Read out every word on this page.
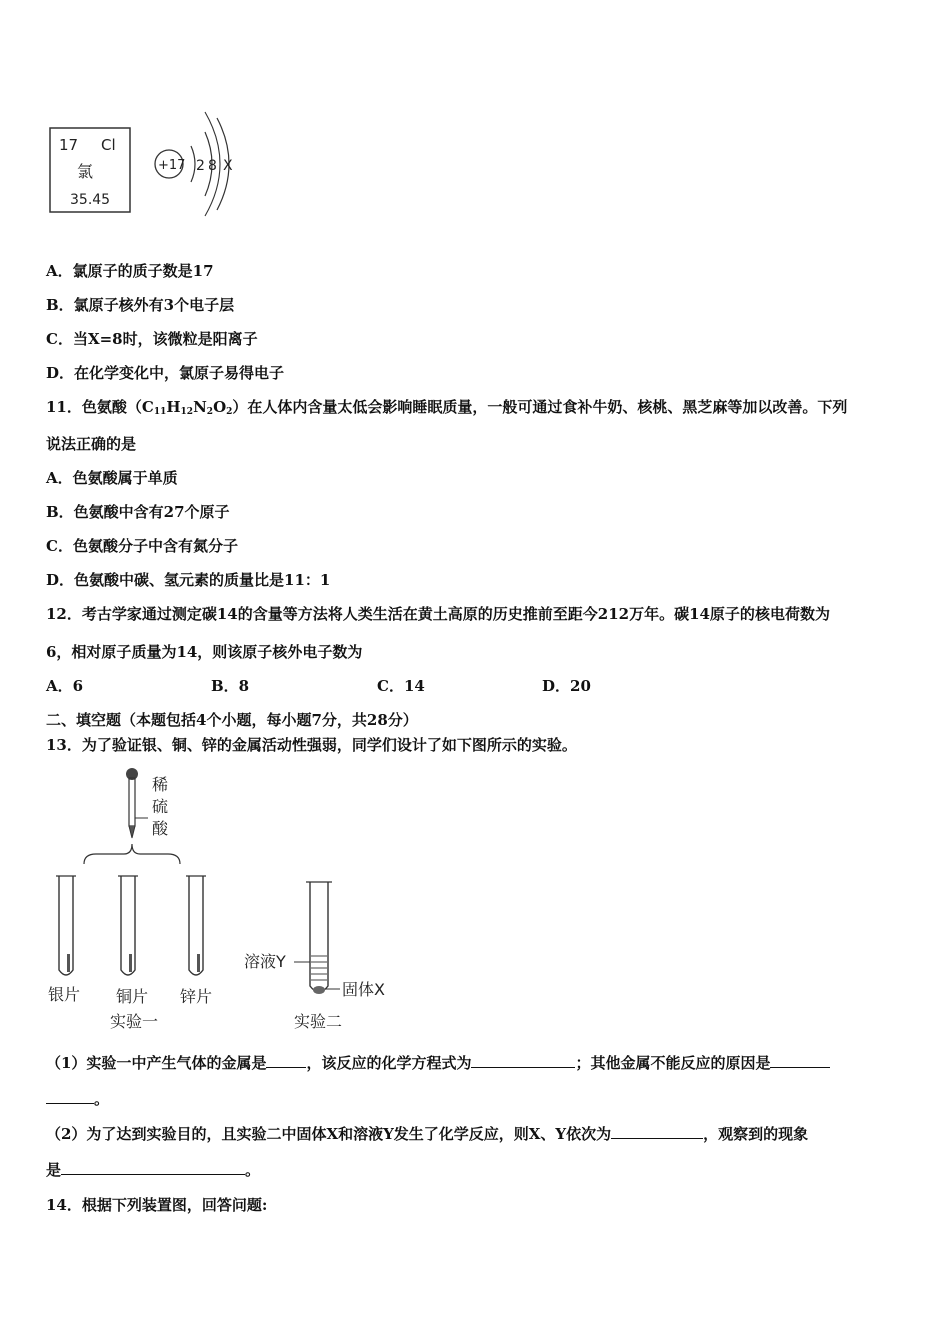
17 Cl
氯
35.45
+17 2 8 X
A．氯原子的质子数是17
B．氯原子核外有3个电子层
C．当X=8时，该微粒是阳离子
D．在化学变化中，氯原子易得电子
11．色氨酸$(C_{11}H_{12}N_2O_2)$在人体内含量太低会影响睡眠质量，一般可通过食补牛奶、核桃、黑芝麻等加以改善。下列
说法正确的是
A．色氨酸属于单质
B．色氨酸中含有27个原子
C．色氨酸分子中含有氮分子
D．色氨酸中碳、氢元素的质量比是11：1
12．考古学家通过测定碳14的含量等方法将人类生活在黄土高原的历史推前至距今212万年。碳14原子的核电荷数为
6，相对原子质量为14，则该原子核外电子数为
A．6	B．8	C．14	D．20
二、填空题（本题包括4个小题，每小题7分，共28分）
13．为了验证银、铜、锌的金属活动性强弱，同学们设计了如下图所示的实验。
稀
硫
酸
银片 铜片 锌片
实验一
溶液Y
固体X
实验二
（1）实验一中产生气体的金属是	，该反应的化学方程式为	；其他金属不能反应的原因是
。
（2）为了达到实验目的，且实验二中固体X和溶液Y发生了化学反应，则X、Y依次为	，观察到的现象
是	。
14．根据下列装置图，回答问题:
